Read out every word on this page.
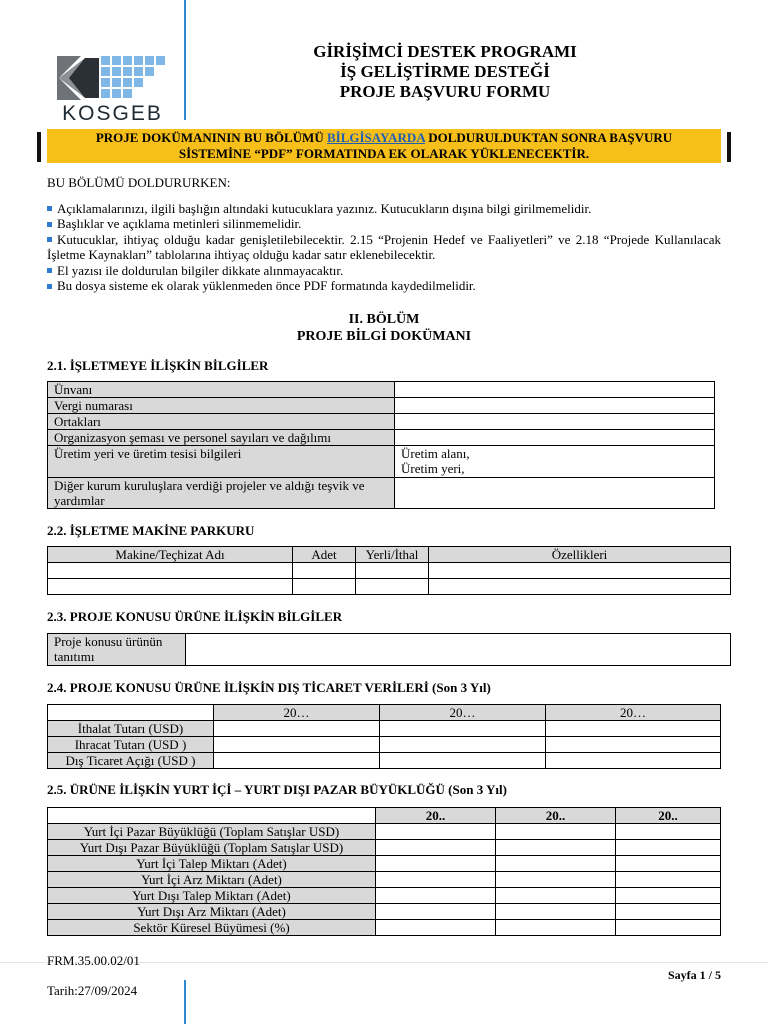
KOSGEB
GİRİŞİMCİ DESTEK PROGRAMI
İŞ GELİŞTİRME DESTEĞİ
PROJE BAŞVURU FORMU
PROJE DOKÜMANININ BU BÖLÜMÜ BİLGİSAYARDA DOLDURULDUKTAN SONRA BAŞVURU
SİSTEMİNE “PDF” FORMATINDA EK OLARAK YÜKLENECEKTİR.
BU BÖLÜMÜ DOLDURURKEN:
Açıklamalarınızı, ilgili başlığın altındaki kutucuklara yazınız. Kutucukların dışına bilgi girilmemelidir.
Başlıklar ve açıklama metinleri silinmemelidir.
Kutucuklar, ihtiyaç olduğu kadar genişletilebilecektir. 2.15 “Projenin Hedef ve Faaliyetleri” ve 2.18 “Projede Kullanılacak İşletme Kaynakları” tablolarına ihtiyaç olduğu kadar satır eklenebilecektir.
El yazısı ile doldurulan bilgiler dikkate alınmayacaktır.
Bu dosya sisteme ek olarak yüklenmeden önce PDF formatında kaydedilmelidir.
II. BÖLÜM
PROJE BİLGİ DOKÜMANI
2.1. İŞLETMEYE İLİŞKİN BİLGİLER
Ünvanı	
Vergi numarası	
Ortakları	
Organizasyon şeması ve personel sayıları ve dağılımı	
Üretim yeri ve üretim tesisi bilgileri	Üretim alanı,
Üretim yeri,
Diğer kurum kuruluşlara verdiği projeler ve aldığı teşvik ve yardımlar	
2.2. İŞLETME MAKİNE PARKURU
Makine/Teçhizat Adı	Adet	Yerli/İthal	Özellikleri

2.3. PROJE KONUSU ÜRÜNE İLİŞKİN BİLGİLER
Proje konusu ürünün tanıtımı	
2.4. PROJE KONUSU ÜRÜNE İLİŞKİN DIŞ TİCARET VERİLERİ (Son 3 Yıl)
	20…	20…	20…
İthalat Tutarı (USD)			
Ihracat Tutarı (USD )			
Dış Ticaret Açığı (USD )			
2.5. ÜRÜNE İLİŞKİN YURT İÇİ – YURT DIŞI PAZAR BÜYÜKLÜĞÜ (Son 3 Yıl)
	20..	20..	20..
Yurt İçi Pazar Büyüklüğü (Toplam Satışlar USD)			
Yurt Dışı Pazar Büyüklüğü (Toplam Satışlar USD)			
Yurt İçi Talep Miktarı (Adet)			
Yurt İçi Arz Miktarı (Adet)			
Yurt Dışı Talep Miktarı (Adet)			
Yurt Dışı Arz Miktarı (Adet)			
Sektör Küresel Büyümesi (%)			
FRM.35.00.02/01
Tarih:27/09/2024
Sayfa 1 / 5
